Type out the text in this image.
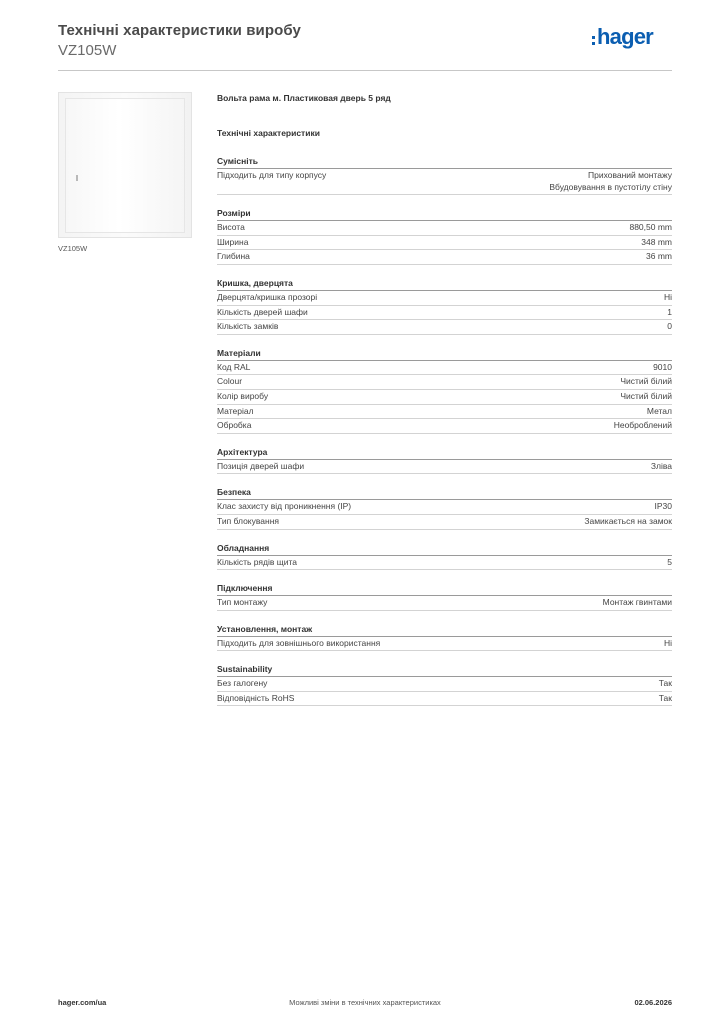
Технічні характеристики виробу
VZ105W
hager
VZ105W
Вольта рама м. Пластиковая дверь 5 ряд
Технічні характеристики
Сумісніть
Підходить для типу корпусу	Прихований монтажу
Вбудовування в пустотілу стіну
Розміри
Висота	880,50 mm
Ширина	348 mm
Глибина	36 mm
Кришка, дверцята
Дверцята/кришка прозорі	Ні
Кількість дверей шафи	1
Кількість замків	0
Матеріали
Код RAL	9010
Colour	Чистий білий
Колір виробу	Чистий білий
Матеріал	Метал
Обробка	Необроблений
Архітектура
Позиція дверей шафи	Зліва
Безпека
Клас захисту від проникнення (IP)	IP30
Тип блокування	Замикається на замок
Обладнання
Кількість рядів щита	5
Підключення
Тип монтажу	Монтаж гвинтами
Установлення, монтаж
Підходить для зовнішнього використання	Ні
Sustainability
Без галогену	Так
Відповідність RoHS	Так
hager.com/ua	Можливі зміни в технічних характеристиках	02.06.2026
